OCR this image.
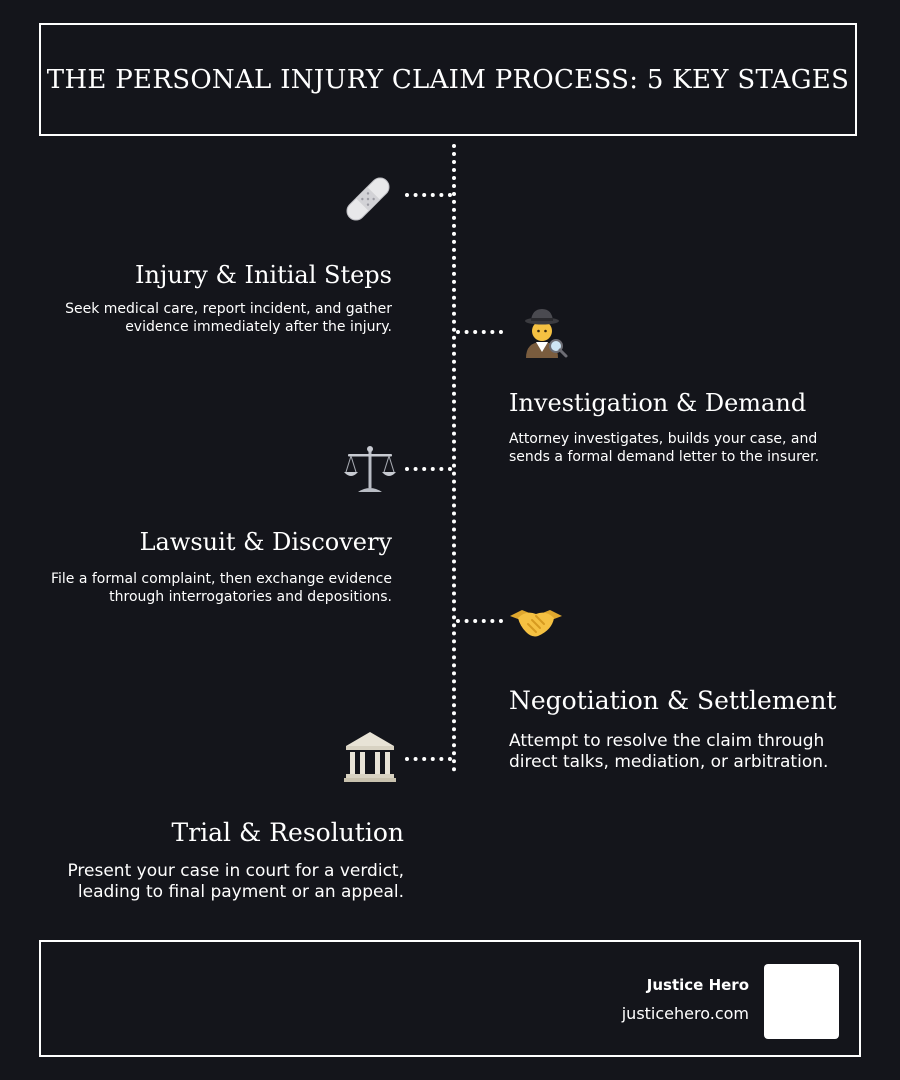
THE PERSONAL INJURY CLAIM PROCESS: 5 KEY STAGES
Injury & Initial Steps

Seek medical care, report incident, and gather
evidence immediately after the injury.

Investigation & Demand

Attorney investigates, builds your case, and
sends a formal demand letter to the insurer.

Lawsuit & Discovery

File a formal complaint, then exchange evidence
through interrogatories and depositions.

Negotiation & Settlement

Attempt to resolve the claim through
direct talks, mediation, or arbitration.

Trial & Resolution

Present your case in court for a verdict,
leading to final payment or an appeal.

Justice Hero

justicehero.com
